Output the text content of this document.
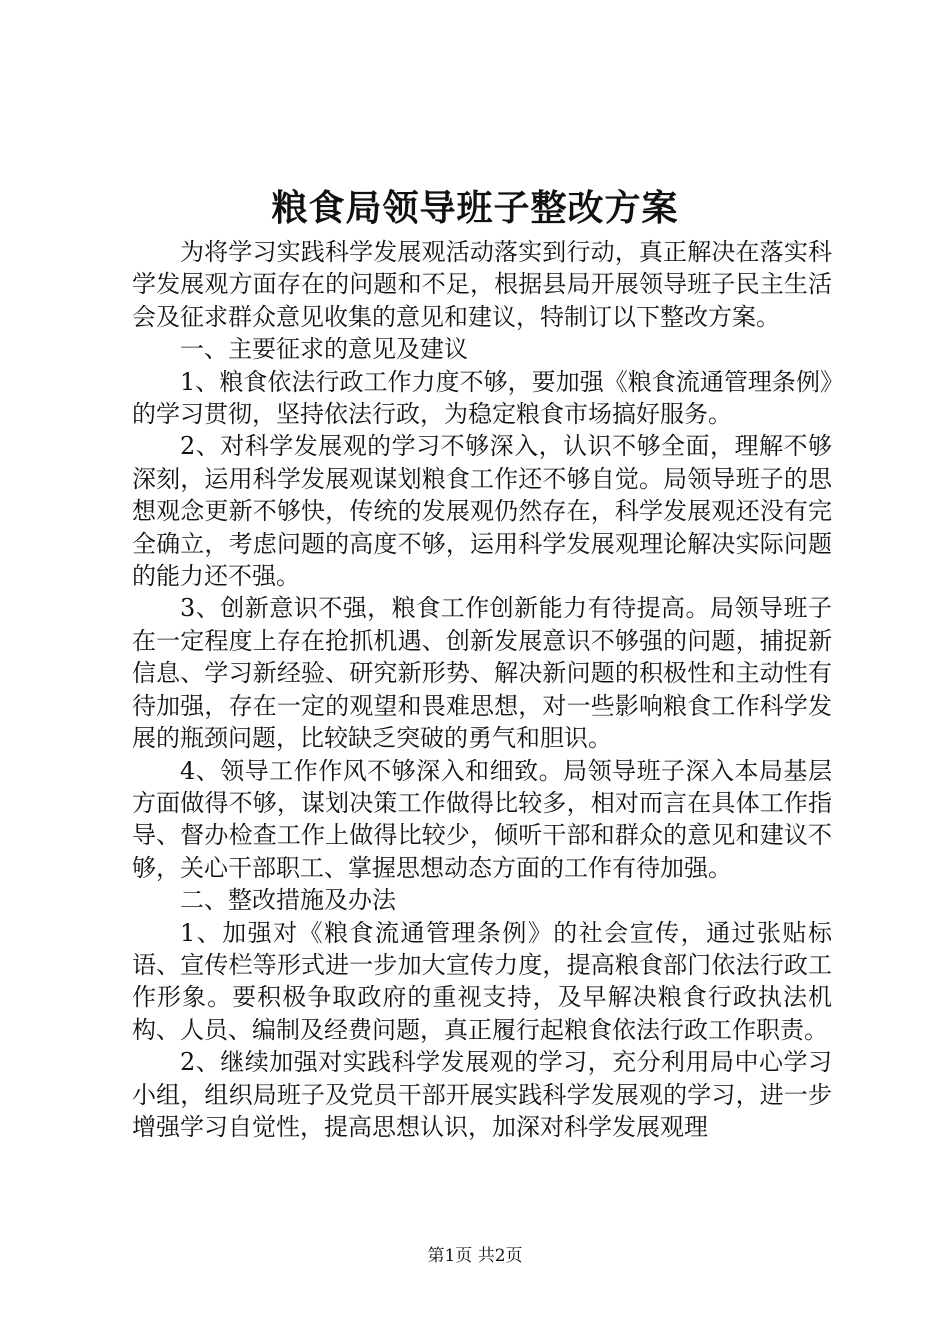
粮食局领导班子整改方案

为将学习实践科学发展观活动落实到行动，真正解决在落实科学发展观方面存在的问题和不足，根据县局开展领导班子民主生活会及征求群众意见收集的意见和建议，特制订以下整改方案。

一、主要征求的意见及建议

1、粮食依法行政工作力度不够，要加强《粮食流通管理条例》的学习贯彻，坚持依法行政，为稳定粮食市场搞好服务。

2、对科学发展观的学习不够深入，认识不够全面，理解不够深刻，运用科学发展观谋划粮食工作还不够自觉。局领导班子的思想观念更新不够快，传统的发展观仍然存在，科学发展观还没有完全确立，考虑问题的高度不够，运用科学发展观理论解决实际问题的能力还不强。

3、创新意识不强，粮食工作创新能力有待提高。局领导班子在一定程度上存在抢抓机遇、创新发展意识不够强的问题，捕捉新信息、学习新经验、研究新形势、解决新问题的积极性和主动性有待加强，存在一定的观望和畏难思想，对一些影响粮食工作科学发展的瓶颈问题，比较缺乏突破的勇气和胆识。

4、领导工作作风不够深入和细致。局领导班子深入本局基层方面做得不够，谋划决策工作做得比较多，相对而言在具体工作指导、督办检查工作上做得比较少，倾听干部和群众的意见和建议不够，关心干部职工、掌握思想动态方面的工作有待加强。

二、整改措施及办法

1、加强对《粮食流通管理条例》的社会宣传，通过张贴标语、宣传栏等形式进一步加大宣传力度，提高粮食部门依法行政工作形象。要积极争取政府的重视支持，及早解决粮食行政执法机构、人员、编制及经费问题，真正履行起粮食依法行政工作职责。

2、继续加强对实践科学发展观的学习，充分利用局中心学习小组，组织局班子及党员干部开展实践科学发展观的学习，进一步增强学习自觉性，提高思想认识，加深对科学发展观理

第1页 共2页
